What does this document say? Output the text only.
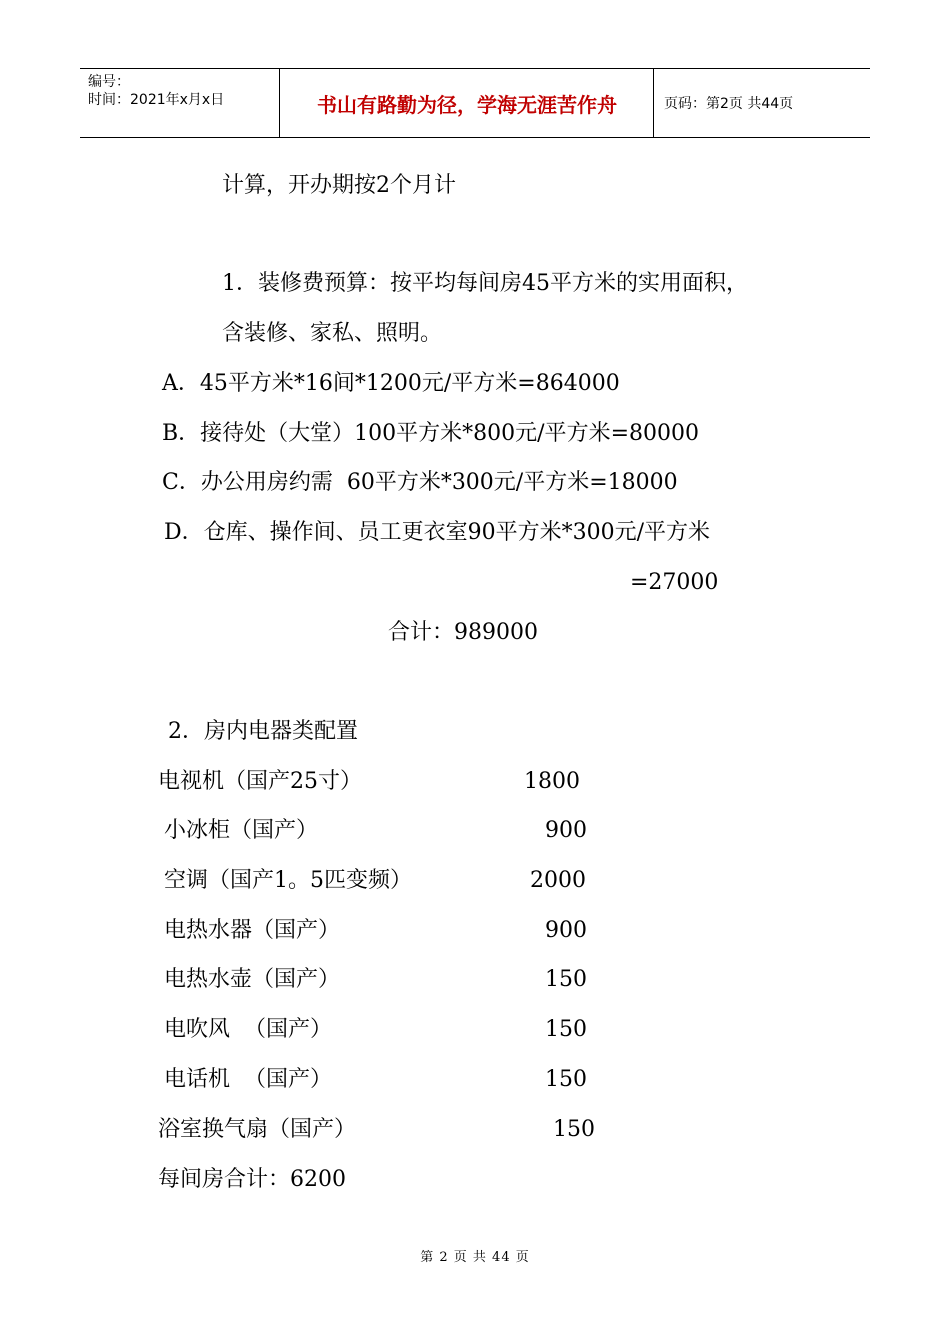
编号：
时间：2021年x月x日	书山有路勤为径，学海无涯苦作舟	页码：第2页 共44页
计算，开办期按2个月计
1．装修费预算：按平均每间房45平方米的实用面积，
含装修、家私、照明。
A．45平方米*16间*1200元/平方米=864000
B．接待处（大堂）100平方米*800元/平方米=80000
C．办公用房约需  60平方米*300元/平方米=18000
D．仓库、操作间、员工更衣室90平方米*300元/平方米
=27000
合计：989000
2．房内电器类配置
电视机（国产25寸）	1800
小冰柜（国产）	900
空调（国产1。5匹变频）	2000
电热水器（国产）	900
电热水壶（国产）	150
电吹风  （国产）	150
电话机  （国产）	150
浴室换气扇（国产）	150
每间房合计：6200
第 2 页 共 44 页
